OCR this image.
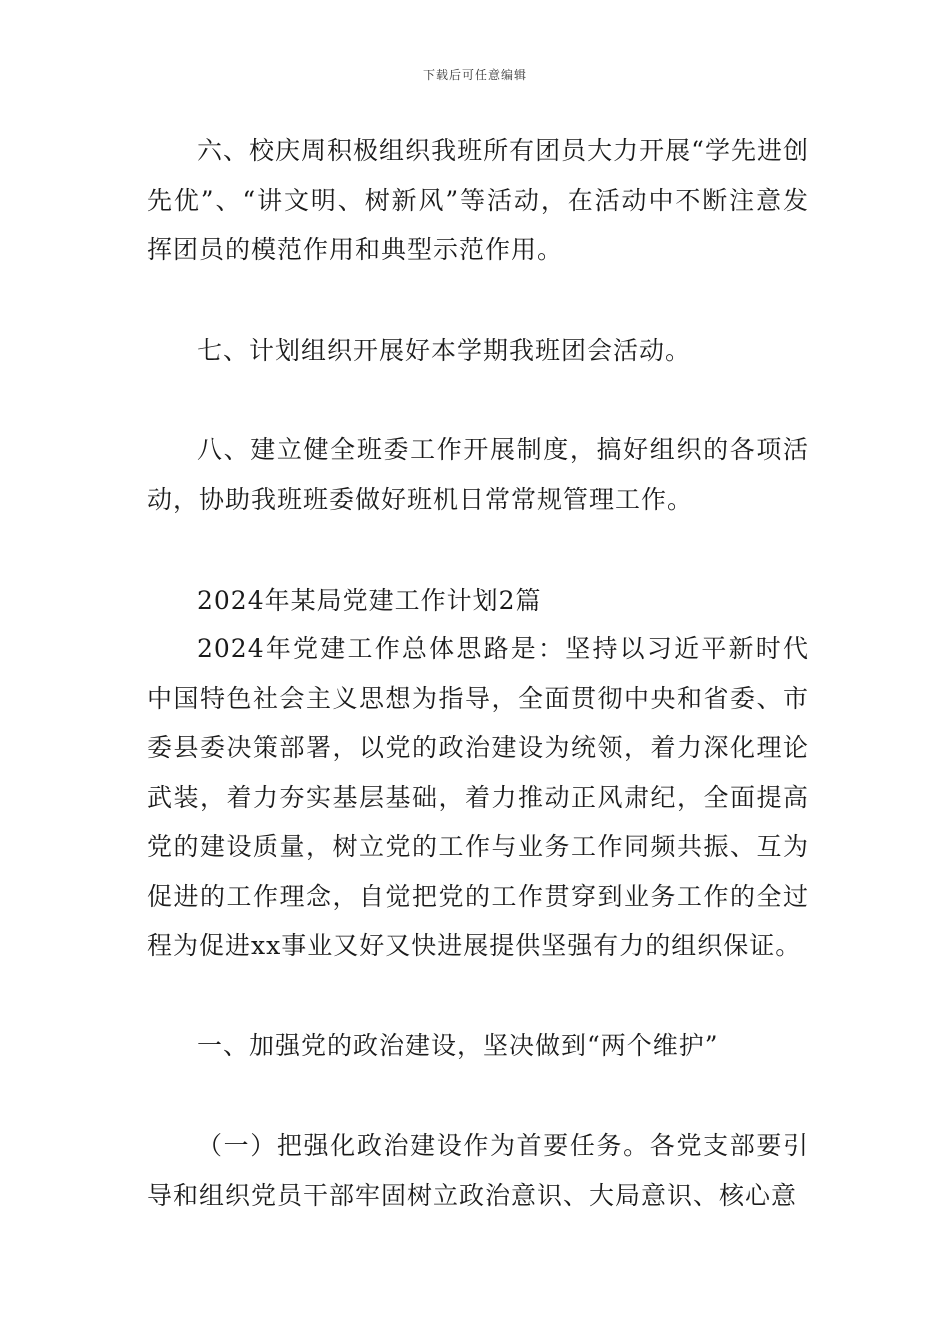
下载后可任意编辑

六、校庆周积极组织我班所有团员大力开展“学先进创先优”、“讲文明、树新风”等活动，在活动中不断注意发挥团员的模范作用和典型示范作用。

七、计划组织开展好本学期我班团会活动。

八、建立健全班委工作开展制度，搞好组织的各项活动，协助我班班委做好班机日常常规管理工作。

2024年某局党建工作计划2篇

2024年党建工作总体思路是：坚持以习近平新时代中国特色社会主义思想为指导，全面贯彻中央和省委、市委县委决策部署，以党的政治建设为统领，着力深化理论武装，着力夯实基层基础，着力推动正风肃纪，全面提高党的建设质量，树立党的工作与业务工作同频共振、互为促进的工作理念，自觉把党的工作贯穿到业务工作的全过程为促进xx事业又好又快进展提供坚强有力的组织保证。

一、加强党的政治建设，坚决做到“两个维护”

（一）把强化政治建设作为首要任务。各党支部要引导和组织党员干部牢固树立政治意识、大局意识、核心意
